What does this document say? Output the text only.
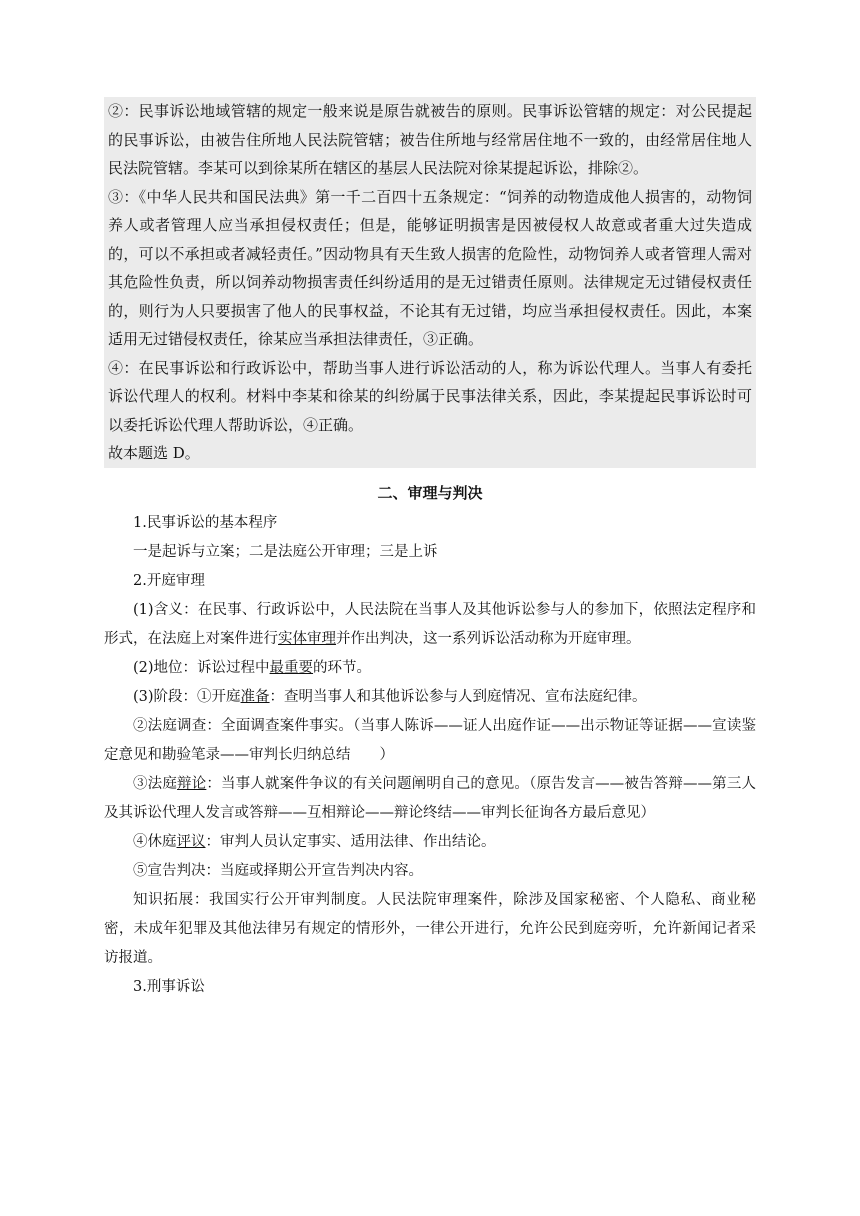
②：民事诉讼地域管辖的规定一般来说是原告就被告的原则。民事诉讼管辖的规定：对公民提起的民事诉讼，由被告住所地人民法院管辖；被告住所地与经常居住地不一致的，由经常居住地人民法院管辖。李某可以到徐某所在辖区的基层人民法院对徐某提起诉讼，排除②。

③：《中华人民共和国民法典》第一千二百四十五条规定：“饲养的动物造成他人损害的，动物饲养人或者管理人应当承担侵权责任；但是，能够证明损害是因被侵权人故意或者重大过失造成的，可以不承担或者减轻责任。”因动物具有天生致人损害的危险性，动物饲养人或者管理人需对其危险性负责，所以饲养动物损害责任纠纷适用的是无过错责任原则。法律规定无过错侵权责任的，则行为人只要损害了他人的民事权益，不论其有无过错，均应当承担侵权责任。因此，本案适用无过错侵权责任，徐某应当承担法律责任，③正确。

④：在民事诉讼和行政诉讼中，帮助当事人进行诉讼活动的人，称为诉讼代理人。当事人有委托诉讼代理人的权利。材料中李某和徐某的纠纷属于民事法律关系，因此，李某提起民事诉讼时可以委托诉讼代理人帮助诉讼，④正确。

故本题选 D。

二、审理与判决

1.民事诉讼的基本程序

一是起诉与立案；二是法庭公开审理；三是上诉

2.开庭审理

(1)含义：在民事、行政诉讼中，人民法院在当事人及其他诉讼参与人的参加下，依照法定程序和形式，在法庭上对案件进行实体审理并作出判决，这一系列诉讼活动称为开庭审理。

(2)地位：诉讼过程中最重要的环节。

(3)阶段：①开庭准备：查明当事人和其他诉讼参与人到庭情况、宣布法庭纪律。

②法庭调查：全面调查案件事实。（当事人陈诉——证人出庭作证——出示物证等证据——宣读鉴定意见和勘验笔录——审判长归纳总结　　）

③法庭辩论：当事人就案件争议的有关问题阐明自己的意见。（原告发言——被告答辩——第三人及其诉讼代理人发言或答辩——互相辩论——辩论终结——审判长征询各方最后意见）

④休庭评议：审判人员认定事实、适用法律、作出结论。

⑤宣告判决：当庭或择期公开宣告判决内容。

知识拓展：我国实行公开审判制度。人民法院审理案件，除涉及国家秘密、个人隐私、商业秘密，未成年犯罪及其他法律另有规定的情形外，一律公开进行，允许公民到庭旁听，允许新闻记者采访报道。

3.刑事诉讼
